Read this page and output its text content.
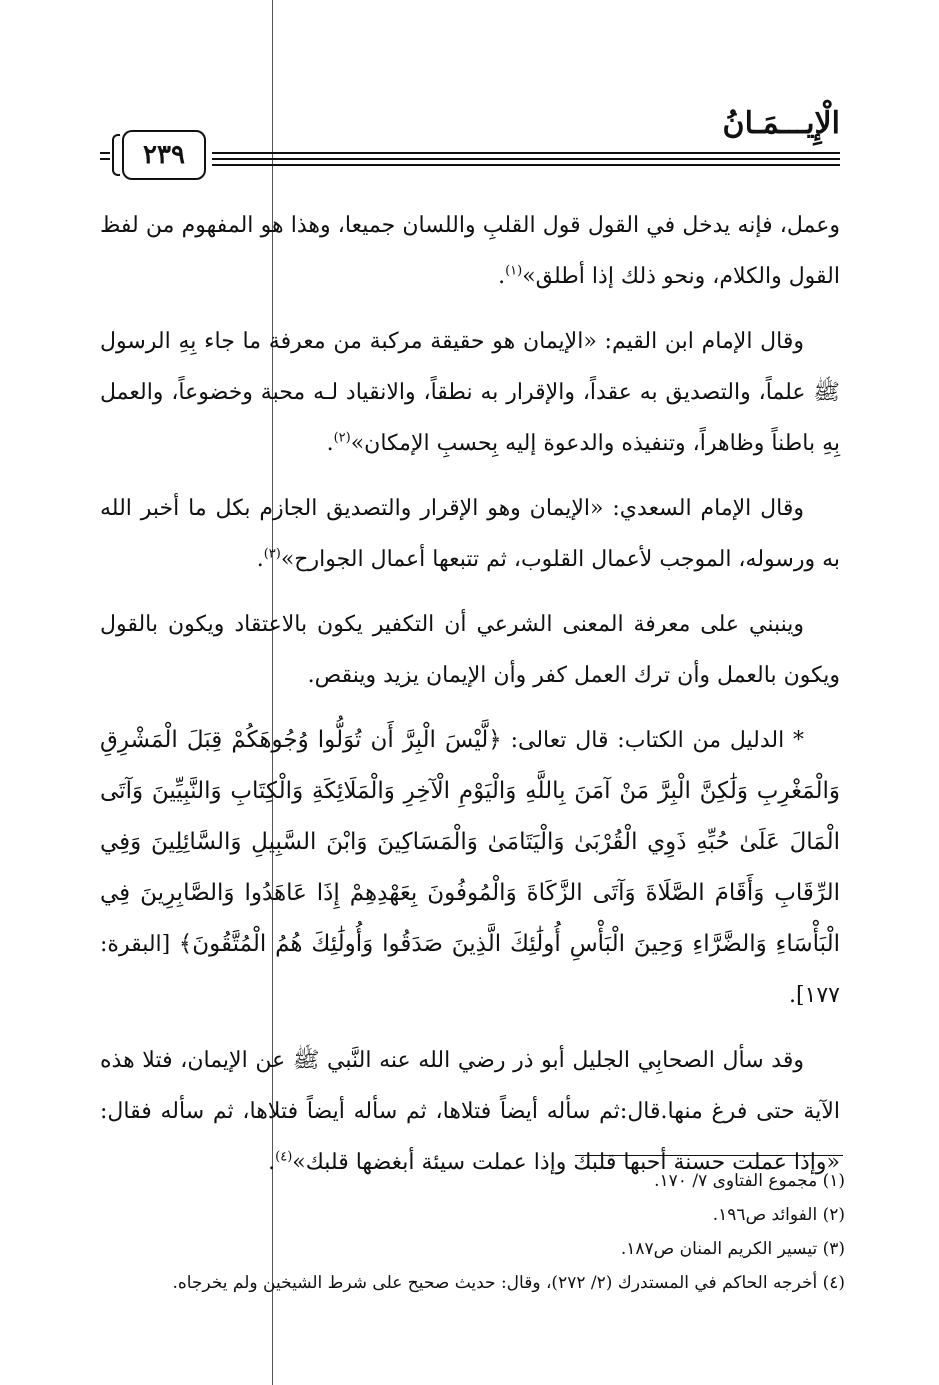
الْإِيـــمَـانُ
٢٣٩

وعمل، فإنه يدخل في القول قول القلبِ واللسان جميعا، وهذا هو المفهوم من لفظ القول والكلام، ونحو ذلك إذا أطلق»$^{(١)}$.

وقال الإمام ابن القيم: «الإيمان هو حقيقة مركبة من معرفة ما جاء بِهِ الرسول ﷺ علماً، والتصديق به عقداً، والإقرار به نطقاً، والانقياد لـه محبة وخضوعاً، والعمل بِهِ باطناً وظاهراً، وتنفيذه والدعوة إليه بِحسبِ الإمكان»$^{(٢)}$.

وقال الإمام السعدي: «الإيمان وهو الإقرار والتصديق الجازم بكل ما أخبر الله به ورسوله، الموجب لأعمال القلوب، ثم تتبعها أعمال الجوارح»$^{(٣)}$.

وينبني على معرفة المعنى الشرعي أن التكفير يكون بالاعتقاد ويكون بالقول ويكون بالعمل وأن ترك العمل كفر وأن الإيمان يزيد وينقص.

* الدليل من الكتاب: قال تعالى: ﴿لَّيْسَ الْبِرَّ أَن تُوَلُّوا وُجُوهَكُمْ قِبَلَ الْمَشْرِقِ وَالْمَغْرِبِ وَلَٰكِنَّ الْبِرَّ مَنْ آمَنَ بِاللَّهِ وَالْيَوْمِ الْآخِرِ وَالْمَلَائِكَةِ وَالْكِتَابِ وَالنَّبِيِّينَ وَآتَى الْمَالَ عَلَىٰ حُبِّهِ ذَوِي الْقُرْبَىٰ وَالْيَتَامَىٰ وَالْمَسَاكِينَ وَابْنَ السَّبِيلِ وَالسَّائِلِينَ وَفِي الرِّقَابِ وَأَقَامَ الصَّلَاةَ وَآتَى الزَّكَاةَ وَالْمُوفُونَ بِعَهْدِهِمْ إِذَا عَاهَدُوا وَالصَّابِرِينَ فِي الْبَأْسَاءِ وَالضَّرَّاءِ وَحِينَ الْبَأْسِ أُولَٰئِكَ الَّذِينَ صَدَقُوا وَأُولَٰئِكَ هُمُ الْمُتَّقُونَ﴾ [البقرة: ١٧٧].

وقد سأل الصحابِي الجليل أبو ذر رضي الله عنه النَّبي ﷺ عن الإيمان، فتلا هذه الآية حتى فرغ منها.قال:ثم سأله أيضاً فتلاها، ثم سأله أيضاً فتلاها، ثم سأله فقال: «وإذا عملت حسنة أحبها قلبك وإذا عملت سيئة أبغضها قلبك»$^{(٤)}$.

(١) مجموع الفتاوى ٧/ ١٧٠.
(٢) الفوائد ص١٩٦.
(٣) تيسير الكريم المنان ص١٨٧.
(٤) أخرجه الحاكم في المستدرك (٢/ ٢٧٢)، وقال: حديث صحيح على شرط الشيخين ولم يخرجاه.
